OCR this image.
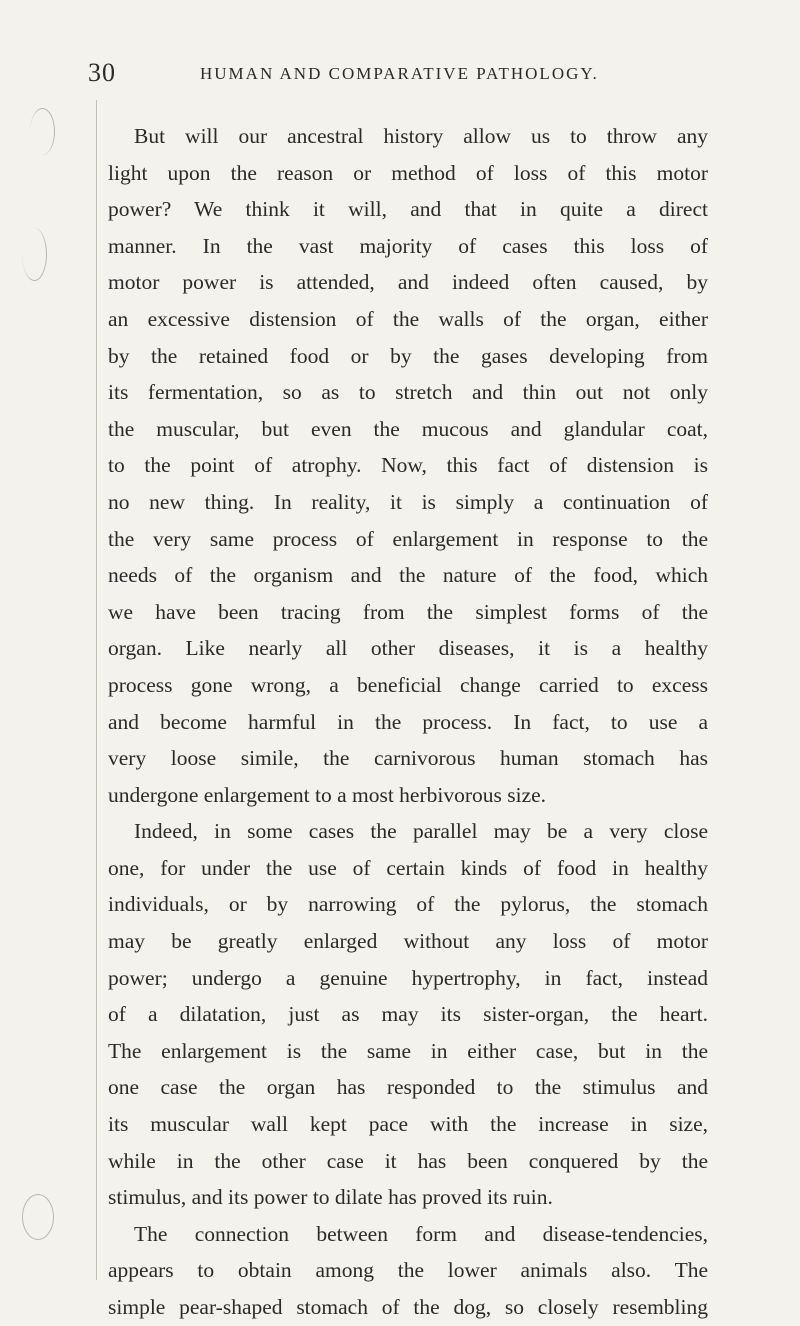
30	HUMAN AND COMPARATIVE PATHOLOGY.
But will our ancestral history allow us to throw any
light upon the reason or method of loss of this motor
power? We think it will, and that in quite a direct
manner. In the vast majority of cases this loss of
motor power is attended, and indeed often caused, by
an excessive distension of the walls of the organ, either
by the retained food or by the gases developing from
its fermentation, so as to stretch and thin out not only
the muscular, but even the mucous and glandular coat,
to the point of atrophy. Now, this fact of distension is
no new thing. In reality, it is simply a continuation of
the very same process of enlargement in response to the
needs of the organism and the nature of the food, which
we have been tracing from the simplest forms of the
organ. Like nearly all other diseases, it is a healthy
process gone wrong, a beneficial change carried to excess
and become harmful in the process. In fact, to use a
very loose simile, the carnivorous human stomach has
undergone enlargement to a most herbivorous size.
Indeed, in some cases the parallel may be a very close
one, for under the use of certain kinds of food in healthy
individuals, or by narrowing of the pylorus, the stomach
may be greatly enlarged without any loss of motor
power; undergo a genuine hypertrophy, in fact, instead
of a dilatation, just as may its sister-organ, the heart.
The enlargement is the same in either case, but in the
one case the organ has responded to the stimulus and
its muscular wall kept pace with the increase in size,
while in the other case it has been conquered by the
stimulus, and its power to dilate has proved its ruin.
The connection between form and disease-tendencies,
appears to obtain among the lower animals also. The
simple pear-shaped stomach of the dog, so closely resembling
